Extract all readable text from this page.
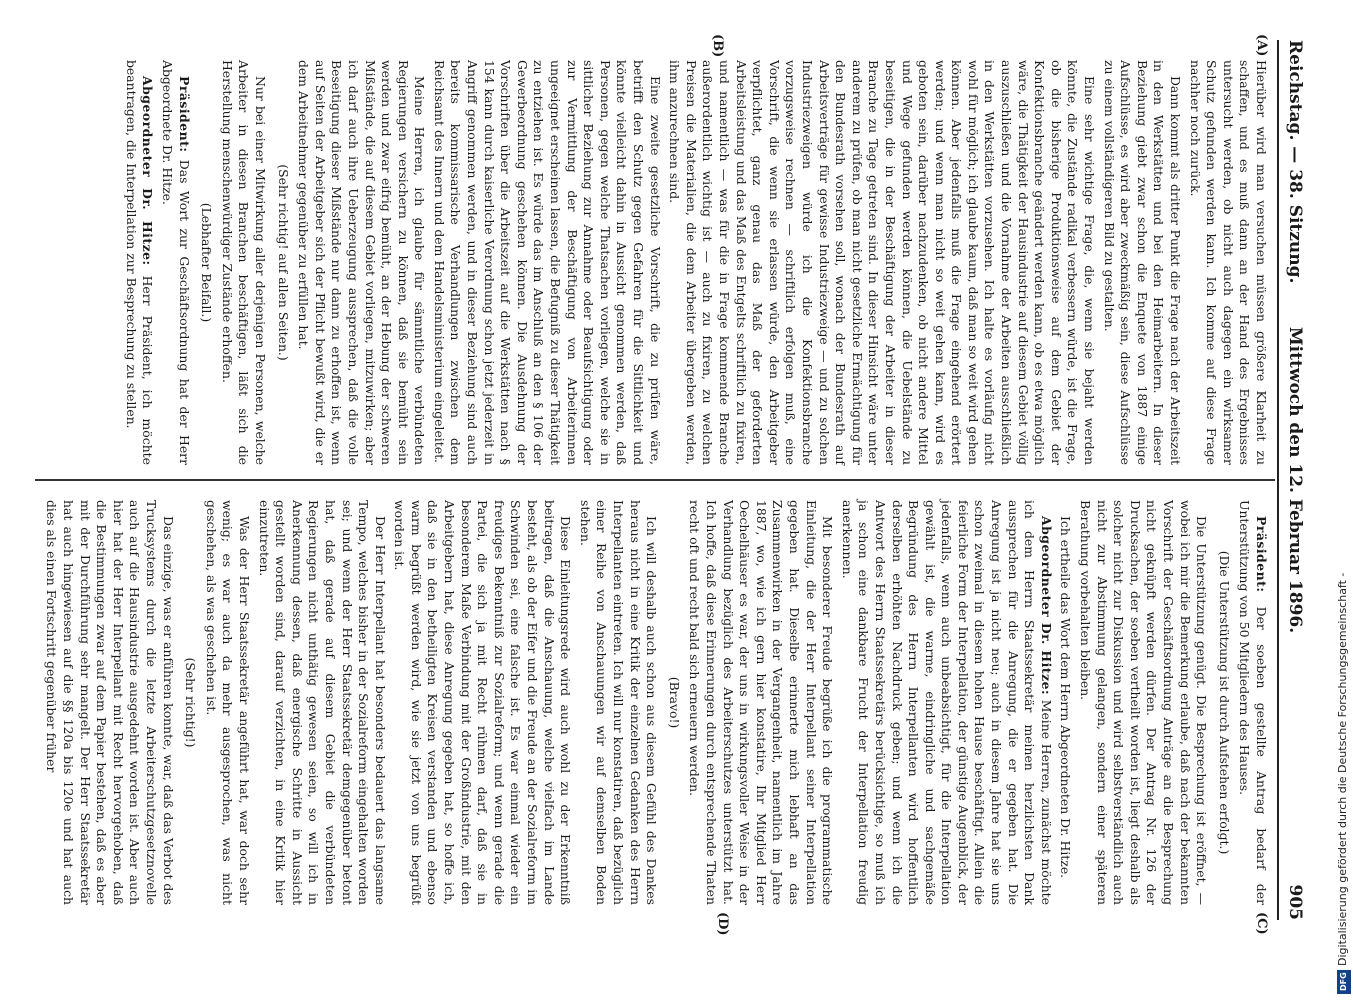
Reichstag. — 38. Sitzung.
Mittwoch den 12. Februar 1896.
905
(A)
(B)
(C)
(D)

Hierüber wird man versuchen müssen größere Klarheit zu schaffen, und es muß dann an der Hand des Ergebnisses untersucht werden, ob nicht auch dagegen ein wirksamer Schutz gefunden werden kann. Ich komme auf diese Frage nachher noch zurück.

Dann kommt als dritter Punkt die Frage nach der Arbeitszeit in den Werkstätten und bei den Heimarbeitern. In dieser Beziehung giebt zwar schon die Enquete von 1887 einige Aufschlüsse, es wird aber zweckmäßig sein, diese Aufschlüsse zu einem vollständigeren Bild zu gestalten.

Eine sehr wichtige Frage, die, wenn sie bejaht werden könnte, die Zustände radikal verbessern würde, ist die Frage, ob die bisherige Produktionsweise auf dem Gebiet der Konfektionsbranche geändert werden kann, ob es etwa möglich wäre, die Thätigkeit der Hausindustrie auf diesem Gebiet völlig auszuschließen und die Vornahme der Arbeiten ausschließlich in den Werkstätten vorzusehen. Ich halte es vorläufig nicht wohl für möglich; ich glaube kaum, daß man so weit wird gehen können. Aber jedenfalls muß die Frage eingehend erörtert werden; und wenn man nicht so weit gehen kann, wird es geboten sein, darüber nachzudenken, ob nicht andere Mittel und Wege gefunden werden können, die Uebelstände zu beseitigen, die in der Beschäftigung der Arbeiter in dieser Branche zu Tage getreten sind. In dieser Hinsicht wäre unter anderem zu prüfen, ob man nicht gesetzliche Ermächtigung für den Bundesrath vorsehen soll, wonach der Bundesrath auf Arbeitsverträge für gewisse Industriezweige — und zu solchen Industriezweigen würde ich die Konfektionsbranche vorzugsweise rechnen — schriftlich erfolgen muß, eine Vorschrift, die wenn sie erlassen würde, den Arbeitgeber verpflichtet, ganz genau das Maß der geforderten Arbeitsleistung und das Maß des Entgelts schriftlich zu fixiren, und namentlich — was für die in Frage kommende Branche außerordentlich wichtig ist — auch zu fixiren, zu welchen Preisen die Materialien, die dem Arbeiter übergeben werden, ihm anzurechnen sind.

Eine zweite gesetzliche Vorschrift, die zu prüfen wäre, betrifft den Schutz gegen Gefahren für die Sittlichkeit und könnte vielleicht dahin in Aussicht genommen werden, daß Personen, gegen welche Thatsachen vorliegen, welche sie in sittlicher Beziehung zur Annahme oder Beaufsichtigung oder zur Vermittlung der Beschäftigung von Arbeiterinnen ungeeignet erscheinen lassen, die Befugniß zu dieser Thätigkeit zu entziehen ist. Es würde das im Anschluß an den § 106 der Gewerbeordnung geschehen können. Die Ausdehnung der Vorschriften über die Arbeitszeit auf die Werkstätten nach § 154 kann durch kaiserliche Verordnung schon jetzt jederzeit in Angriff genommen werden, und in dieser Beziehung sind auch bereits kommissarische Verhandlungen zwischen dem Reichsamt des Innern und dem Handelsministerium eingeleitet.

Meine Herren, ich glaube für sämmtliche verbündeten Regierungen versichern zu können, daß sie bemüht sein werden und zwar eifrig bemüht, an der Hebung der schweren Mißstände, die auf diesem Gebiet vorliegen, mitzuwirken; aber ich darf auch ihre Ueberzeugung aussprechen, daß die volle Beseitigung dieser Mißstände nur dann zu erhoffen ist, wenn auf Seiten der Arbeitgeber sich der Pflicht bewußt wird, die er dem Arbeitnehmer gegenüber zu erfüllen hat.

(Sehr richtig! auf allen Seiten.)

Nur bei einer Mitwirkung aller derjenigen Personen, welche Arbeiter in diesen Branchen beschäftigen, läßt sich die Herstellung menschenwürdiger Zustände erhoffen.

(Lebhafter Beifall.)

Präsident: Das Wort zur Geschäftsordnung hat der Herr Abgeordnete Dr. Hitze.

Abgeordneter Dr. Hitze: Herr Präsident, ich möchte beantragen, die Interpellation zur Besprechung zu stellen.

Präsident: Der soeben gestellte Antrag bedarf der Unterstützung von 50 Mitgliedern des Hauses.

(Die Unterstützung ist durch Aufstehen erfolgt.)

Die Unterstützung genügt. Die Besprechung ist eröffnet, — wobei ich mir die Bemerkung erlaube, daß nach der bekannten Vorschrift der Geschäftsordnung Anträge an die Besprechung nicht geknüpft werden dürfen. Der Antrag Nr. 126 der Drucksachen, der soeben vertheilt worden ist, liegt deshalb als solcher nicht zur Diskussion und wird selbstverständlich auch nicht zur Abstimmung gelangen, sondern einer späteren Berathung vorbehalten bleiben.

Ich ertheile das Wort dem Herrn Abgeordneten Dr. Hitze.

Abgeordneter Dr. Hitze: Meine Herren, zunächst möchte ich dem Herrn Staatssekretär meinen herzlichsten Dank aussprechen für die Anregung, die er gegeben hat. Die Anregung ist ja nicht neu; auch in diesem Jahre hat sie uns schon zweimal in diesem hohen Hause beschäftigt. Allein die feierliche Form der Interpellation, der günstige Augenblick, der jedenfalls, wenn auch unbeabsichtigt, für die Interpellation gewählt ist, die warme, eindringliche und sachgemäße Begründung des Herrn Interpellanten wird hoffentlich derselben erhöhten Nachdruck geben; und wenn ich die Antwort des Herrn Staatssekretärs berücksichtige, so muß ich ja schon eine dankbare Frucht der Interpellation freudig anerkennen.

Mit besonderer Freude begrüße ich die programmatische Einleitung, die der Herr Interpellant seiner Interpellation gegeben hat. Dieselbe erinnerte mich lebhaft an das Zusammenwirken in der Vergangenheit, namentlich im Jahre 1887, wo, wie ich gern hier konstatire, Ihr Mitglied Herr Oechelhäuser es war, der uns in wirkungsvoller Weise in der Verhandlung bezüglich des Arbeiterschutzes unterstützt hat. Ich hoffe, daß diese Erinnerungen durch entsprechende Thaten recht oft und recht bald sich erneuern werden.

(Bravo!)

Ich will deshalb auch schon aus diesem Gefühl des Dankes heraus nicht in eine Kritik der einzelnen Gedanken des Herrn Interpellanten eintreten. Ich will nur konstatiren, daß bezüglich einer Reihe von Anschauungen wir auf demselben Boden stehen.

Diese Einleitungsrede wird auch wohl zu der Erkenntniß beitragen, daß die Anschauung, welche vielfach im Lande besteht, als ob der Eifer und die Freude an der Sozialreform im Schwinden sei, eine falsche ist. Es war einmal wieder ein freudiges Bekenntniß zur Sozialreform; und wenn gerade die Partei, die sich ja mit Recht rühmen darf, daß sie in besonderem Maße Verbindung mit der Großindustrie, mit den Arbeitgebern hat, diese Anregung gegeben hat, so hoffe ich, daß sie in den betheiligten Kreisen verstanden und ebenso warm begrüßt werden wird, wie sie jetzt von uns begrüßt worden ist.

Der Herr Interpellant hat besonders bedauert das langsame Tempo, welches bisher in der Sozialreform eingehalten worden sei; und wenn der Herr Staatssekretär demgegenüber betont hat, daß gerade auf diesem Gebiet die verbündeten Regierungen nicht unthätig gewesen seien, so will ich in Anerkennung dessen, daß energische Schritte in Aussicht gestellt worden sind, darauf verzichten, in eine Kritik hier einzutreten.

Was der Herr Staatssekretär angeführt hat, war doch sehr wenig; es war auch da mehr ausgesprochen, was nicht geschehen, als was geschehen ist.

(Sehr richtig!)

Das einzige, was er anführen konnte, war, daß das Verbot des Trucksystems durch die letzte Arbeiterschutzgesetznovelle auch auf die Hausindustrie ausgedehnt worden ist. Aber auch hier hat der Herr Interpellant mit Recht hervorgehoben, daß die Bestimmungen zwar auf dem Papier bestehen, daß es aber mit der Durchführung sehr mangelt. Der Herr Staatssekretär hat auch hingewiesen auf die §§ 120a bis 120e und hat auch dies als einen Fortschritt gegenüber früher	Digitalisierung gefördert durch die Deutsche Forschungsgemeinschaft -
DFG
